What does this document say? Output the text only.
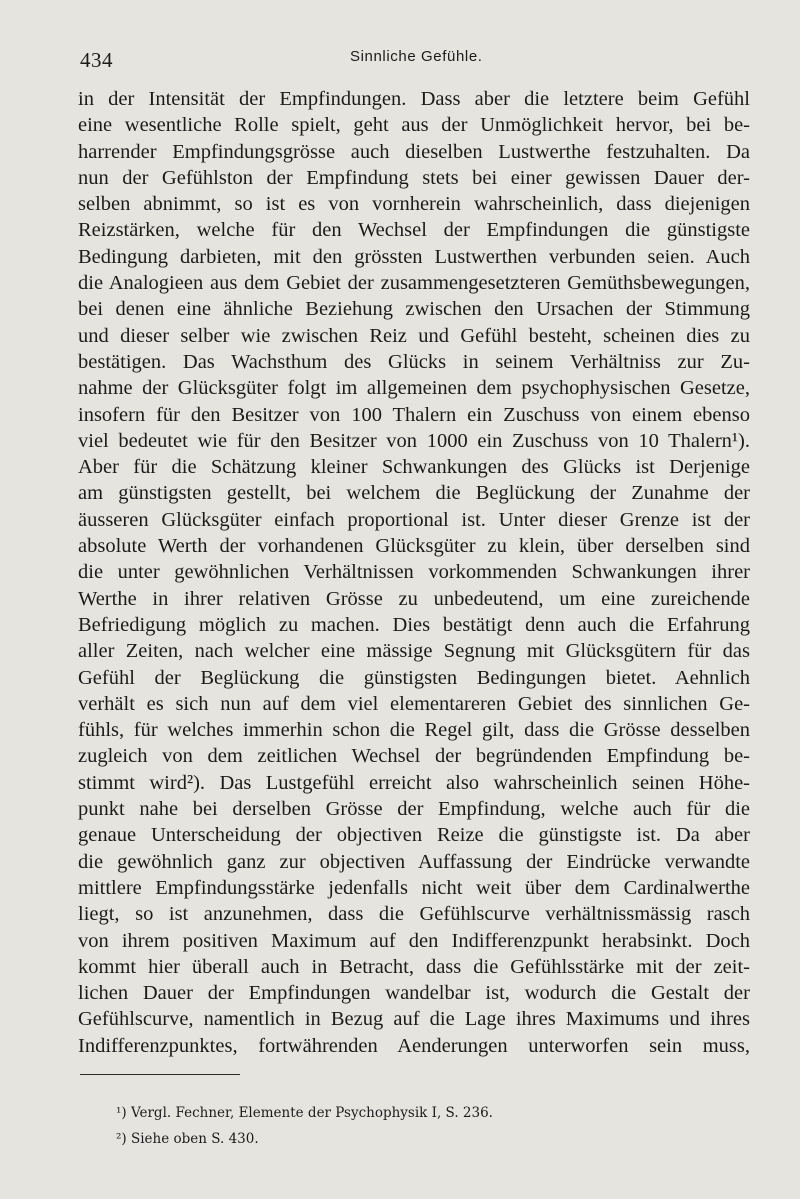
434	Sinnliche Gefühle.
in der Intensität der Empfindungen. Dass aber die letztere beim Gefühl
eine wesentliche Rolle spielt, geht aus der Unmöglichkeit hervor, bei be-
harrender Empfindungsgrösse auch dieselben Lustwerthe festzuhalten. Da
nun der Gefühlston der Empfindung stets bei einer gewissen Dauer der-
selben abnimmt, so ist es von vornherein wahrscheinlich, dass diejenigen
Reizstärken, welche für den Wechsel der Empfindungen die günstigste
Bedingung darbieten, mit den grössten Lustwerthen verbunden seien. Auch
die Analogieen aus dem Gebiet der zusammengesetzteren Gemüthsbewegungen,
bei denen eine ähnliche Beziehung zwischen den Ursachen der Stimmung
und dieser selber wie zwischen Reiz und Gefühl besteht, scheinen dies zu
bestätigen. Das Wachsthum des Glücks in seinem Verhältniss zur Zu-
nahme der Glücksgüter folgt im allgemeinen dem psychophysischen Gesetze,
insofern für den Besitzer von 100 Thalern ein Zuschuss von einem ebenso
viel bedeutet wie für den Besitzer von 1000 ein Zuschuss von 10 Thalern¹).
Aber für die Schätzung kleiner Schwankungen des Glücks ist Derjenige
am günstigsten gestellt, bei welchem die Beglückung der Zunahme der
äusseren Glücksgüter einfach proportional ist. Unter dieser Grenze ist der
absolute Werth der vorhandenen Glücksgüter zu klein, über derselben sind
die unter gewöhnlichen Verhältnissen vorkommenden Schwankungen ihrer
Werthe in ihrer relativen Grösse zu unbedeutend, um eine zureichende
Befriedigung möglich zu machen. Dies bestätigt denn auch die Erfahrung
aller Zeiten, nach welcher eine mässige Segnung mit Glücksgütern für das
Gefühl der Beglückung die günstigsten Bedingungen bietet. Aehnlich
verhält es sich nun auf dem viel elementareren Gebiet des sinnlichen Ge-
fühls, für welches immerhin schon die Regel gilt, dass die Grösse desselben
zugleich von dem zeitlichen Wechsel der begründenden Empfindung be-
stimmt wird²). Das Lustgefühl erreicht also wahrscheinlich seinen Höhe-
punkt nahe bei derselben Grösse der Empfindung, welche auch für die
genaue Unterscheidung der objectiven Reize die günstigste ist. Da aber
die gewöhnlich ganz zur objectiven Auffassung der Eindrücke verwandte
mittlere Empfindungsstärke jedenfalls nicht weit über dem Cardinalwerthe
liegt, so ist anzunehmen, dass die Gefühlscurve verhältnissmässig rasch
von ihrem positiven Maximum auf den Indifferenzpunkt herabsinkt. Doch
kommt hier überall auch in Betracht, dass die Gefühlsstärke mit der zeit-
lichen Dauer der Empfindungen wandelbar ist, wodurch die Gestalt der
Gefühlscurve, namentlich in Bezug auf die Lage ihres Maximums und ihres
Indifferenzpunktes, fortwährenden Aenderungen unterworfen sein muss,
¹) Vergl. Fechner, Elemente der Psychophysik I, S. 236.
²) Siehe oben S. 430.
